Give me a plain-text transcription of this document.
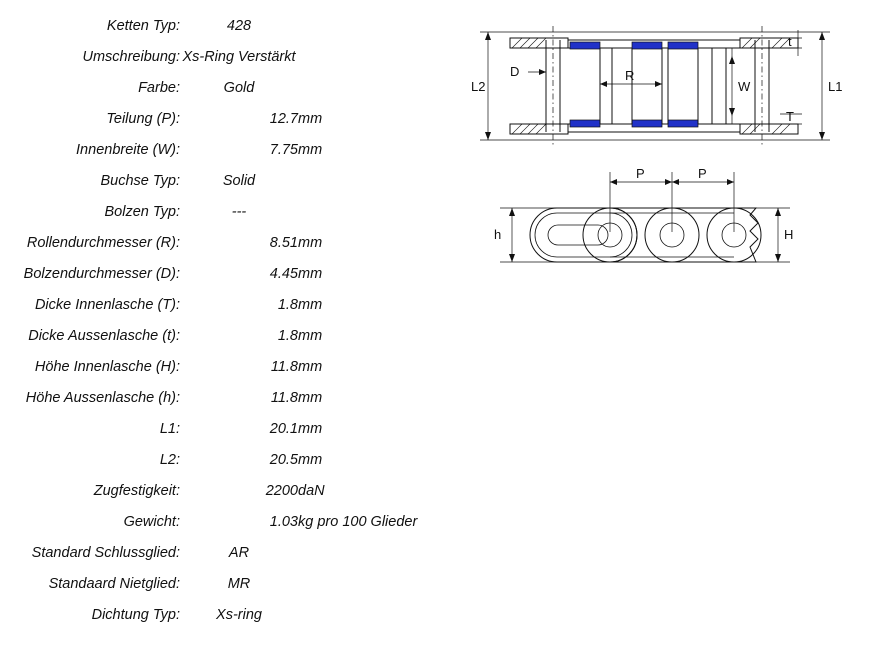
Ketten Typ:	428	
Umschreibung:	Xs-Ring Verstärkt	
Farbe:	Gold	
Teilung (P):	12.7	mm
Innenbreite (W):	7.75	mm
Buchse Typ:	Solid	
Bolzen Typ:	---	
Rollendurchmesser (R):	8.51	mm
Bolzendurchmesser (D):	4.45	mm
Dicke Innenlasche (T):	1.8	mm
Dicke Aussenlasche (t):	1.8	mm
Höhe Innenlasche (H):	11.8	mm
Höhe Aussenlasche (h):	11.8	mm
L1:	20.1	mm
L2:	20.5	mm
Zugfestigkeit:	2200	daN
Gewicht:	1.03	kg pro 100 Glieder
Standard Schlussglied:	AR	
Standaard Nietglied:	MR	
Dichtung Typ:	Xs-ring	
L2	L1
D	R
W
t
T
P	P
h	H
